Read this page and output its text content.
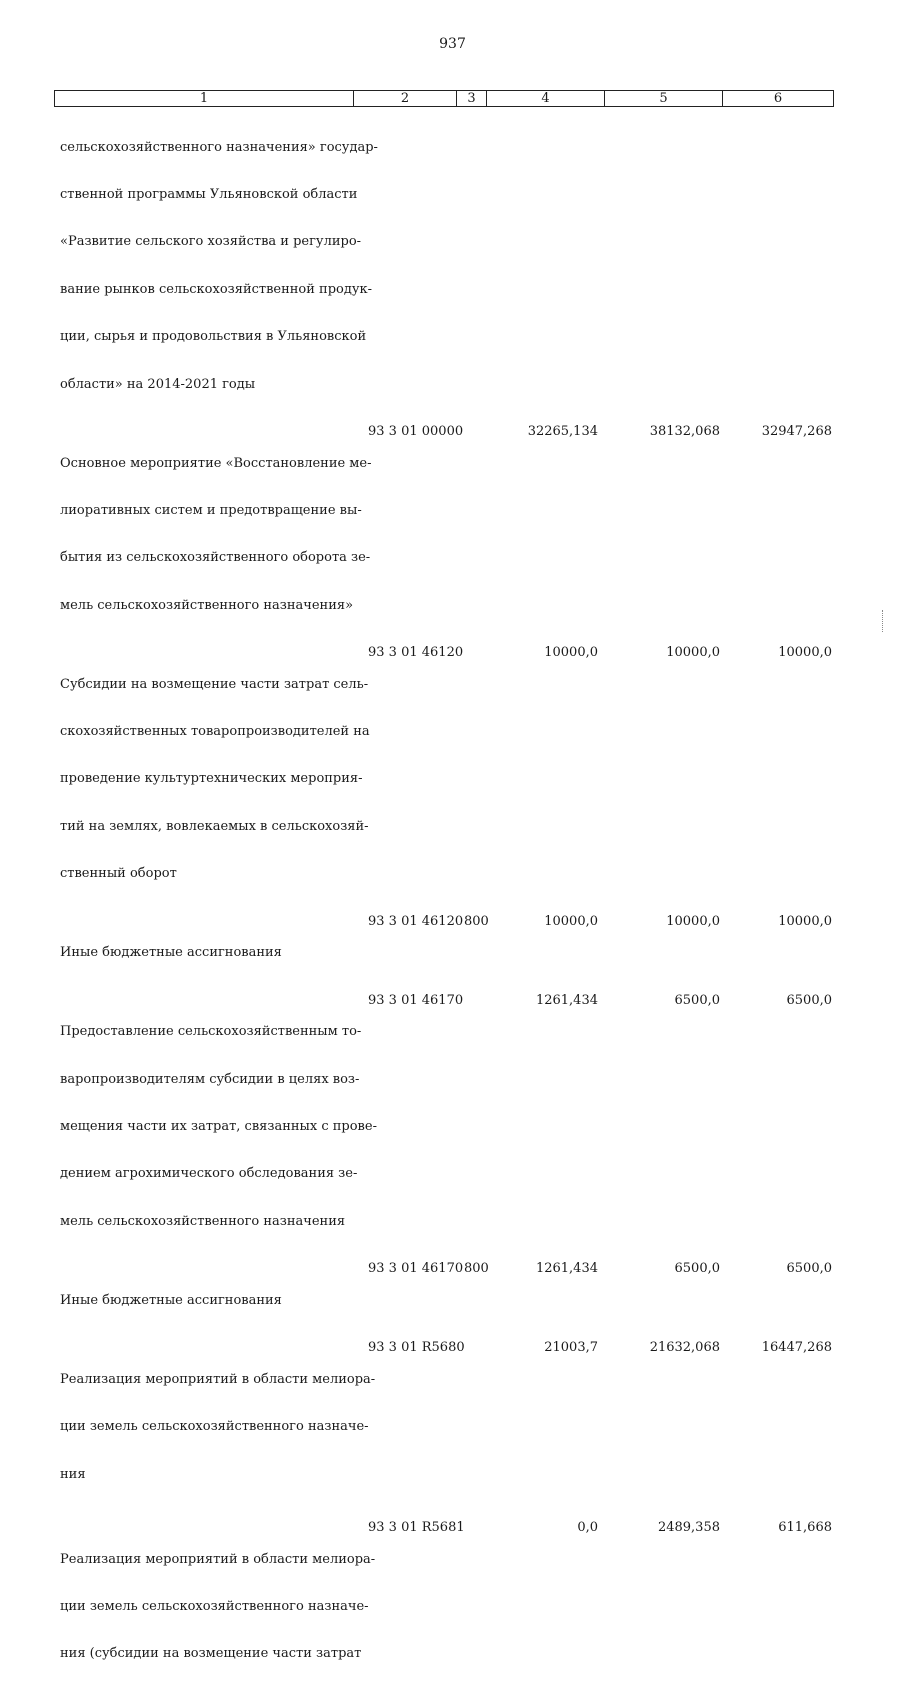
937
1	2	3	4	5	6

сельскохозяйственного назначения» государ-

ственной программы Ульяновской области

«Развитие сельского хозяйства и регулиро-

вание рынков сельскохозяйственной продук-

ции, сырья и продовольствия в Ульяновской

области» на 2014-2021 годы

Основное мероприятие «Восстановление ме-

лиоративных систем и предотвращение вы-

бытия из сельскохозяйственного оборота зе-

мель сельскохозяйственного назначения»

93 3 01 00000	32265,134	38132,068	32947,268

Субсидии на возмещение части затрат сель-

скохозяйственных товаропроизводителей на

проведение культуртехнических мероприя-

тий на землях, вовлекаемых в сельскохозяй-

ственный оборот

93 3 01 46120	10000,0	10000,0	10000,0

Иные бюджетные ассигнования

93 3 01 46120 800	10000,0	10000,0	10000,0

Предоставление сельскохозяйственным то-

варопроизводителям субсидии в целях воз-

мещения части их затрат, связанных с прове-

дением агрохимического обследования зе-

мель сельскохозяйственного назначения

93 3 01 46170	1261,434	6500,0	6500,0

Иные бюджетные ассигнования

93 3 01 46170 800	1261,434	6500,0	6500,0

Реализация мероприятий в области мелиора-

ции земель сельскохозяйственного назначе-

ния

93 3 01 R5680	21003,7	21632,068	16447,268

Реализация мероприятий в области мелиора-

ции земель сельскохозяйственного назначе-

ния (субсидии на возмещение части затрат

93 3 01 R5681	0,0	2489,358	611,668
